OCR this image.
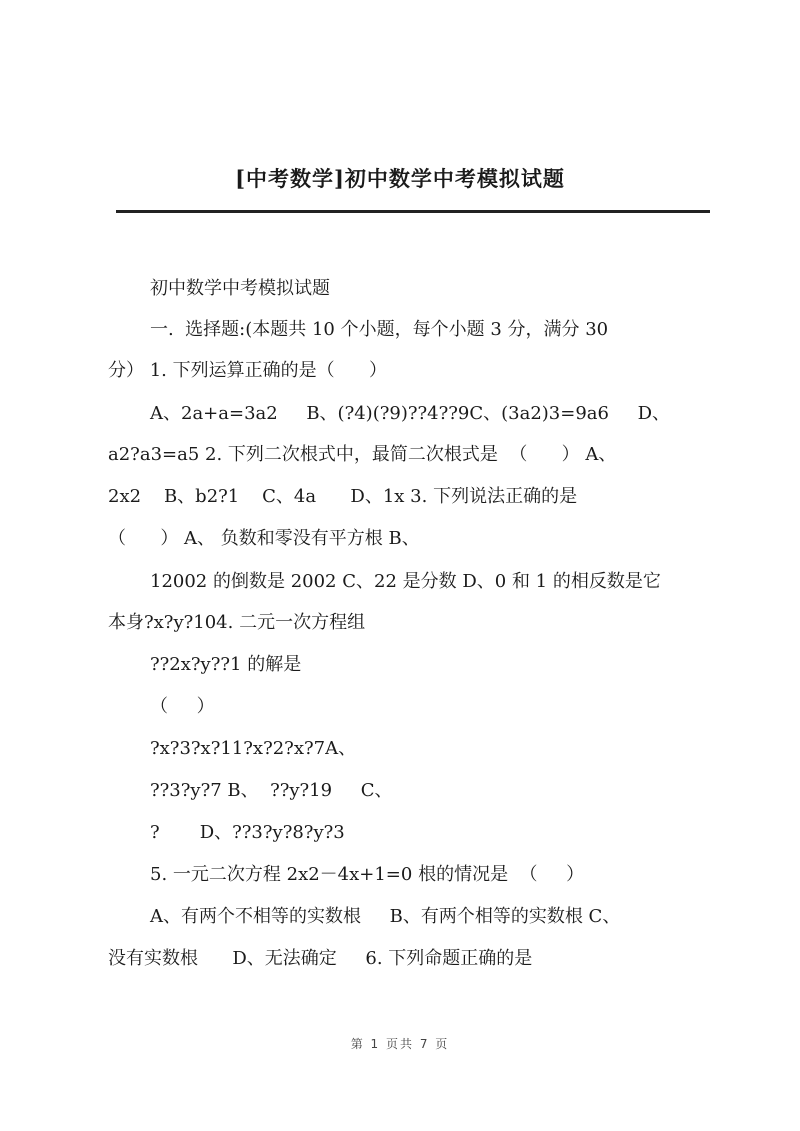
[中考数学]初中数学中考模拟试题
初中数学中考模拟试题
一.  选择题:(本题共 10 个小题，每个小题 3 分，满分 30
分） 1. 下列运算正确的是（      ）
A、2a+a=3a2     B、(?4)(?9)??4??9C、(3a2)3=9a6     D、
a2?a3=a5 2. 下列二次根式中，最简二次根式是  （      ） A、
2x2    B、b2?1    C、4a      D、1x 3. 下列说法正确的是
（      ） A、 负数和零没有平方根 B、
12002 的倒数是 2002 C、22 是分数 D、0 和 1 的相反数是它
本身?x?y?104. 二元一次方程组
??2x?y??1 的解是
（     ）
?x?3?x?11?x?2?x?7A、
??3?y?7 B、  ??y?19     C、
?       D、??3?y?8?y?3
5. 一元二次方程 2x2－4x+1=0 根的情况是  （     ）
A、有两个不相等的实数根     B、有两个相等的实数根 C、
没有实数根      D、无法确定     6. 下列命题正确的是
第 1 页共 7 页
